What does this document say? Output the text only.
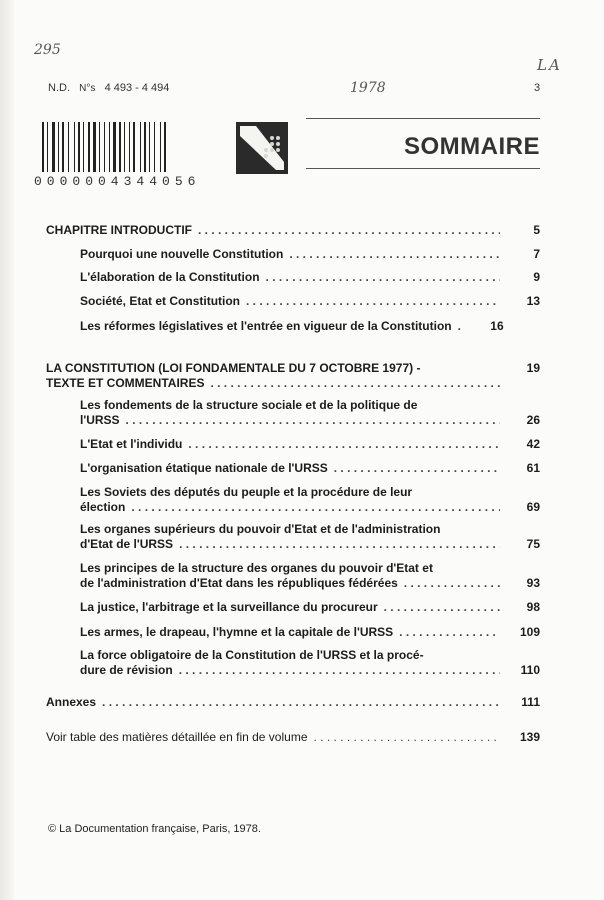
295
LA
1978
N.D. N°s 4 493 - 4 494	3
0000004344056
SOMMAIRE
CHAPITRE INTRODUCTIF . . .	5
Pourquoi une nouvelle Constitution . . .	7
L'élaboration de la Constitution . . .	9
Société, Etat et Constitution . . .	13
Les réformes législatives et l'entrée en vigueur de la Constitution . . .	16
LA CONSTITUTION (LOI FONDAMENTALE DU 7 OCTOBRE 1977) -	19
TEXTE ET COMMENTAIRES
. . .
Les fondements de la structure sociale et de la politique de
l'URSS . . .	26
L'Etat et l'individu . . .	42
L'organisation étatique nationale de l'URSS . . .	61
Les Soviets des députés du peuple et la procédure de leur
élection . . .	69
Les organes supérieurs du pouvoir d'Etat et de l'administration
d'Etat de l'URSS . . .	75
Les principes de la structure des organes du pouvoir d'Etat et
de l'administration d'Etat dans les républiques fédérées . . .	93
La justice, l'arbitrage et la surveillance du procureur . . .	98
Les armes, le drapeau, l'hymne et la capitale de l'URSS . . .	109
La force obligatoire de la Constitution de l'URSS et la procé-
dure de révision . . .	110
Annexes . . .	111
Voir table des matières détaillée en fin de volume . . .	139
© La Documentation française, Paris, 1978.
